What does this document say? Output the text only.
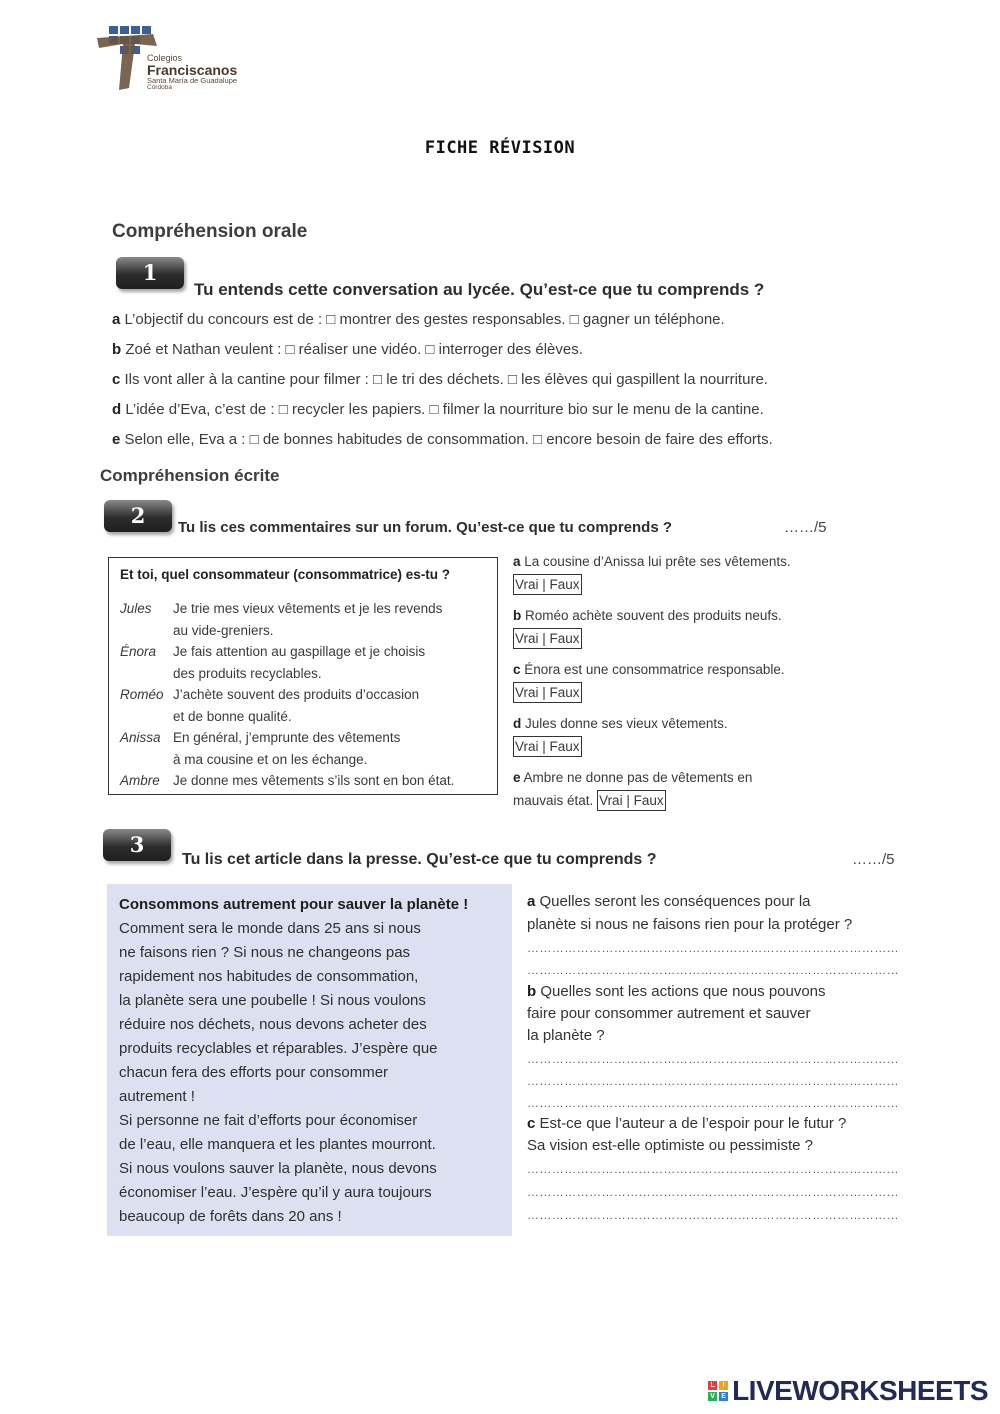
Colegios
Franciscanos
Santa María de Guadalupe
Córdoba
FICHE RÉVISION
Compréhension orale
1
Tu entends cette conversation au lycée. Qu’est-ce que tu comprends ?
a L’objectif du concours est de : □ montrer des gestes responsables. □ gagner un téléphone.
b Zoé et Nathan veulent : □ réaliser une vidéo. □ interroger des élèves.
c Ils vont aller à la cantine pour filmer : □ le tri des déchets. □ les élèves qui gaspillent la nourriture.
d L’idée d’Eva, c’est de : □ recycler les papiers. □ filmer la nourriture bio sur le menu de la cantine.
e Selon elle, Eva a : □ de bonnes habitudes de consommation. □ encore besoin de faire des efforts.
Compréhension écrite
2	Tu lis ces commentaires sur un forum. Qu’est-ce que tu comprends ?	……/5
Et toi, quel consommateur (consommatrice) es-tu ?
Jules Je trie mes vieux vêtements et je les revends
au vide-greniers.
Énora Je fais attention au gaspillage et je choisis
des produits recyclables.
Roméo J’achète souvent des produits d’occasion
et de bonne qualité.
Anissa En général, j’emprunte des vêtements
à ma cousine et on les échange.
Ambre Je donne mes vêtements s’ils sont en bon état.
a La cousine d’Anissa lui prête ses vêtements.
Vrai | Faux
b Roméo achète souvent des produits neufs.
Vrai | Faux
c Énora est une consommatrice responsable.
Vrai | Faux
d Jules donne ses vieux vêtements.
Vrai | Faux
e Ambre ne donne pas de vêtements en
mauvais état. Vrai | Faux
3
Tu lis cet article dans la presse. Qu’est-ce que tu comprends ?	……/5
Consommons autrement pour sauver la planète !
Comment sera le monde dans 25 ans si nous
ne faisons rien ? Si nous ne changeons pas
rapidement nos habitudes de consommation,
la planète sera une poubelle ! Si nous voulons
réduire nos déchets, nous devons acheter des
produits recyclables et réparables. J’espère que
chacun fera des efforts pour consommer
autrement !
Si personne ne fait d’efforts pour économiser
de l’eau, elle manquera et les plantes mourront.
Si nous voulons sauver la planète, nous devons
économiser l’eau. J’espère qu’il y aura toujours
beaucoup de forêts dans 20 ans !
a Quelles seront les conséquences pour la
planète si nous ne faisons rien pour la protéger ?
………………………………………………………………………………
………………………………………………………………………………
b Quelles sont les actions que nous pouvons
faire pour consommer autrement et sauver
la planète ?
………………………………………………………………………………
………………………………………………………………………………
………………………………………………………………………………
c Est-ce que l’auteur a de l’espoir pour le futur ?
Sa vision est-elle optimiste ou pessimiste ?
………………………………………………………………………………
………………………………………………………………………………
………………………………………………………………………………
L	I
V E LIVEWORKSHEETS
